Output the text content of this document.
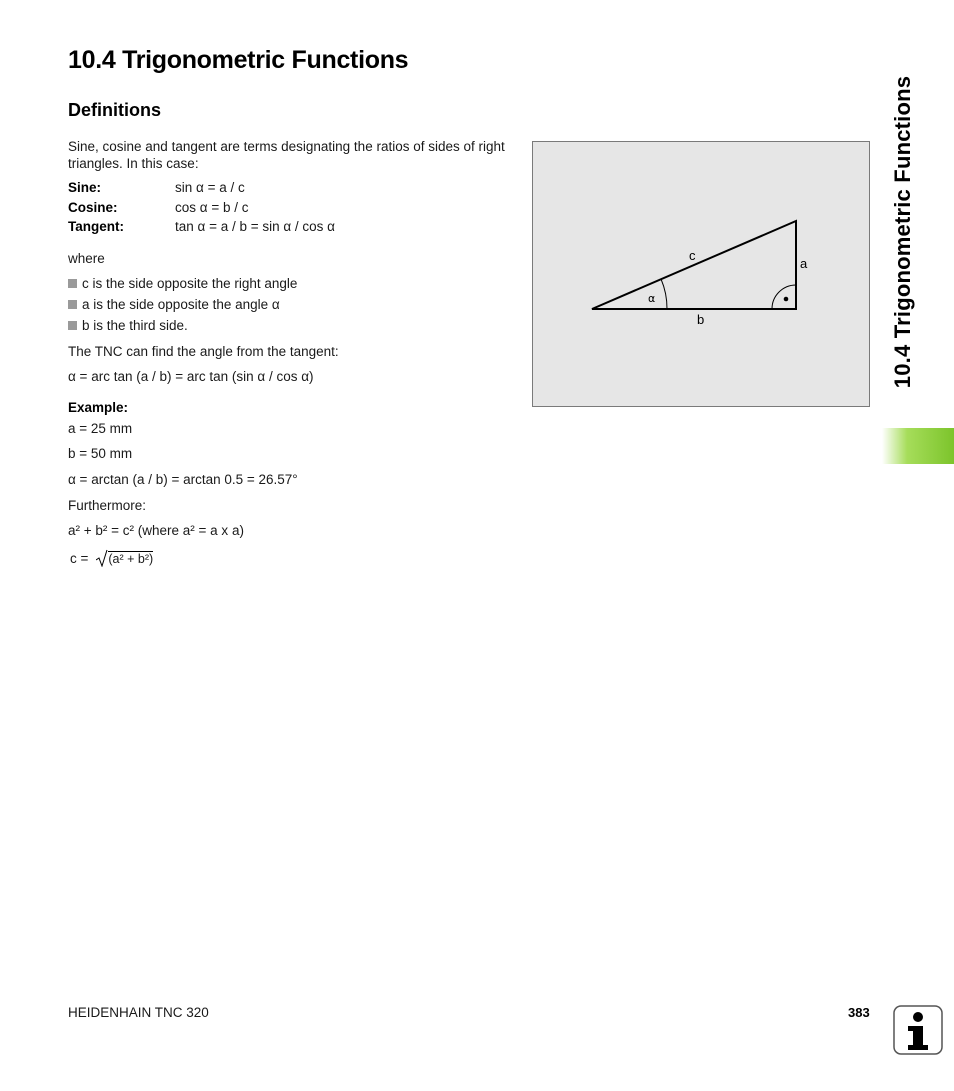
10.4 Trigonometric Functions
Definitions
Sine, cosine and tangent are terms designating the ratios of sides of right triangles. In this case:
Sine:	sin α = a / c
Cosine:	cos α = b / c
Tangent:	tan α = a / b = sin α / cos α
where
c is the side opposite the right angle
a is the side opposite the angle α
b is the third side.
The TNC can find the angle from the tangent:
α = arc tan (a / b) = arc tan (sin α / cos α)
Example:
a = 25 mm
b = 50 mm
α = arctan (a / b) = arctan 0.5 = 26.57°
Furthermore:
a² + b² = c² (where a² = a x a)
c = (a² + b²)
c
a
b
α	10.4 Trigonometric Functions
HEIDENHAIN TNC 320	383
